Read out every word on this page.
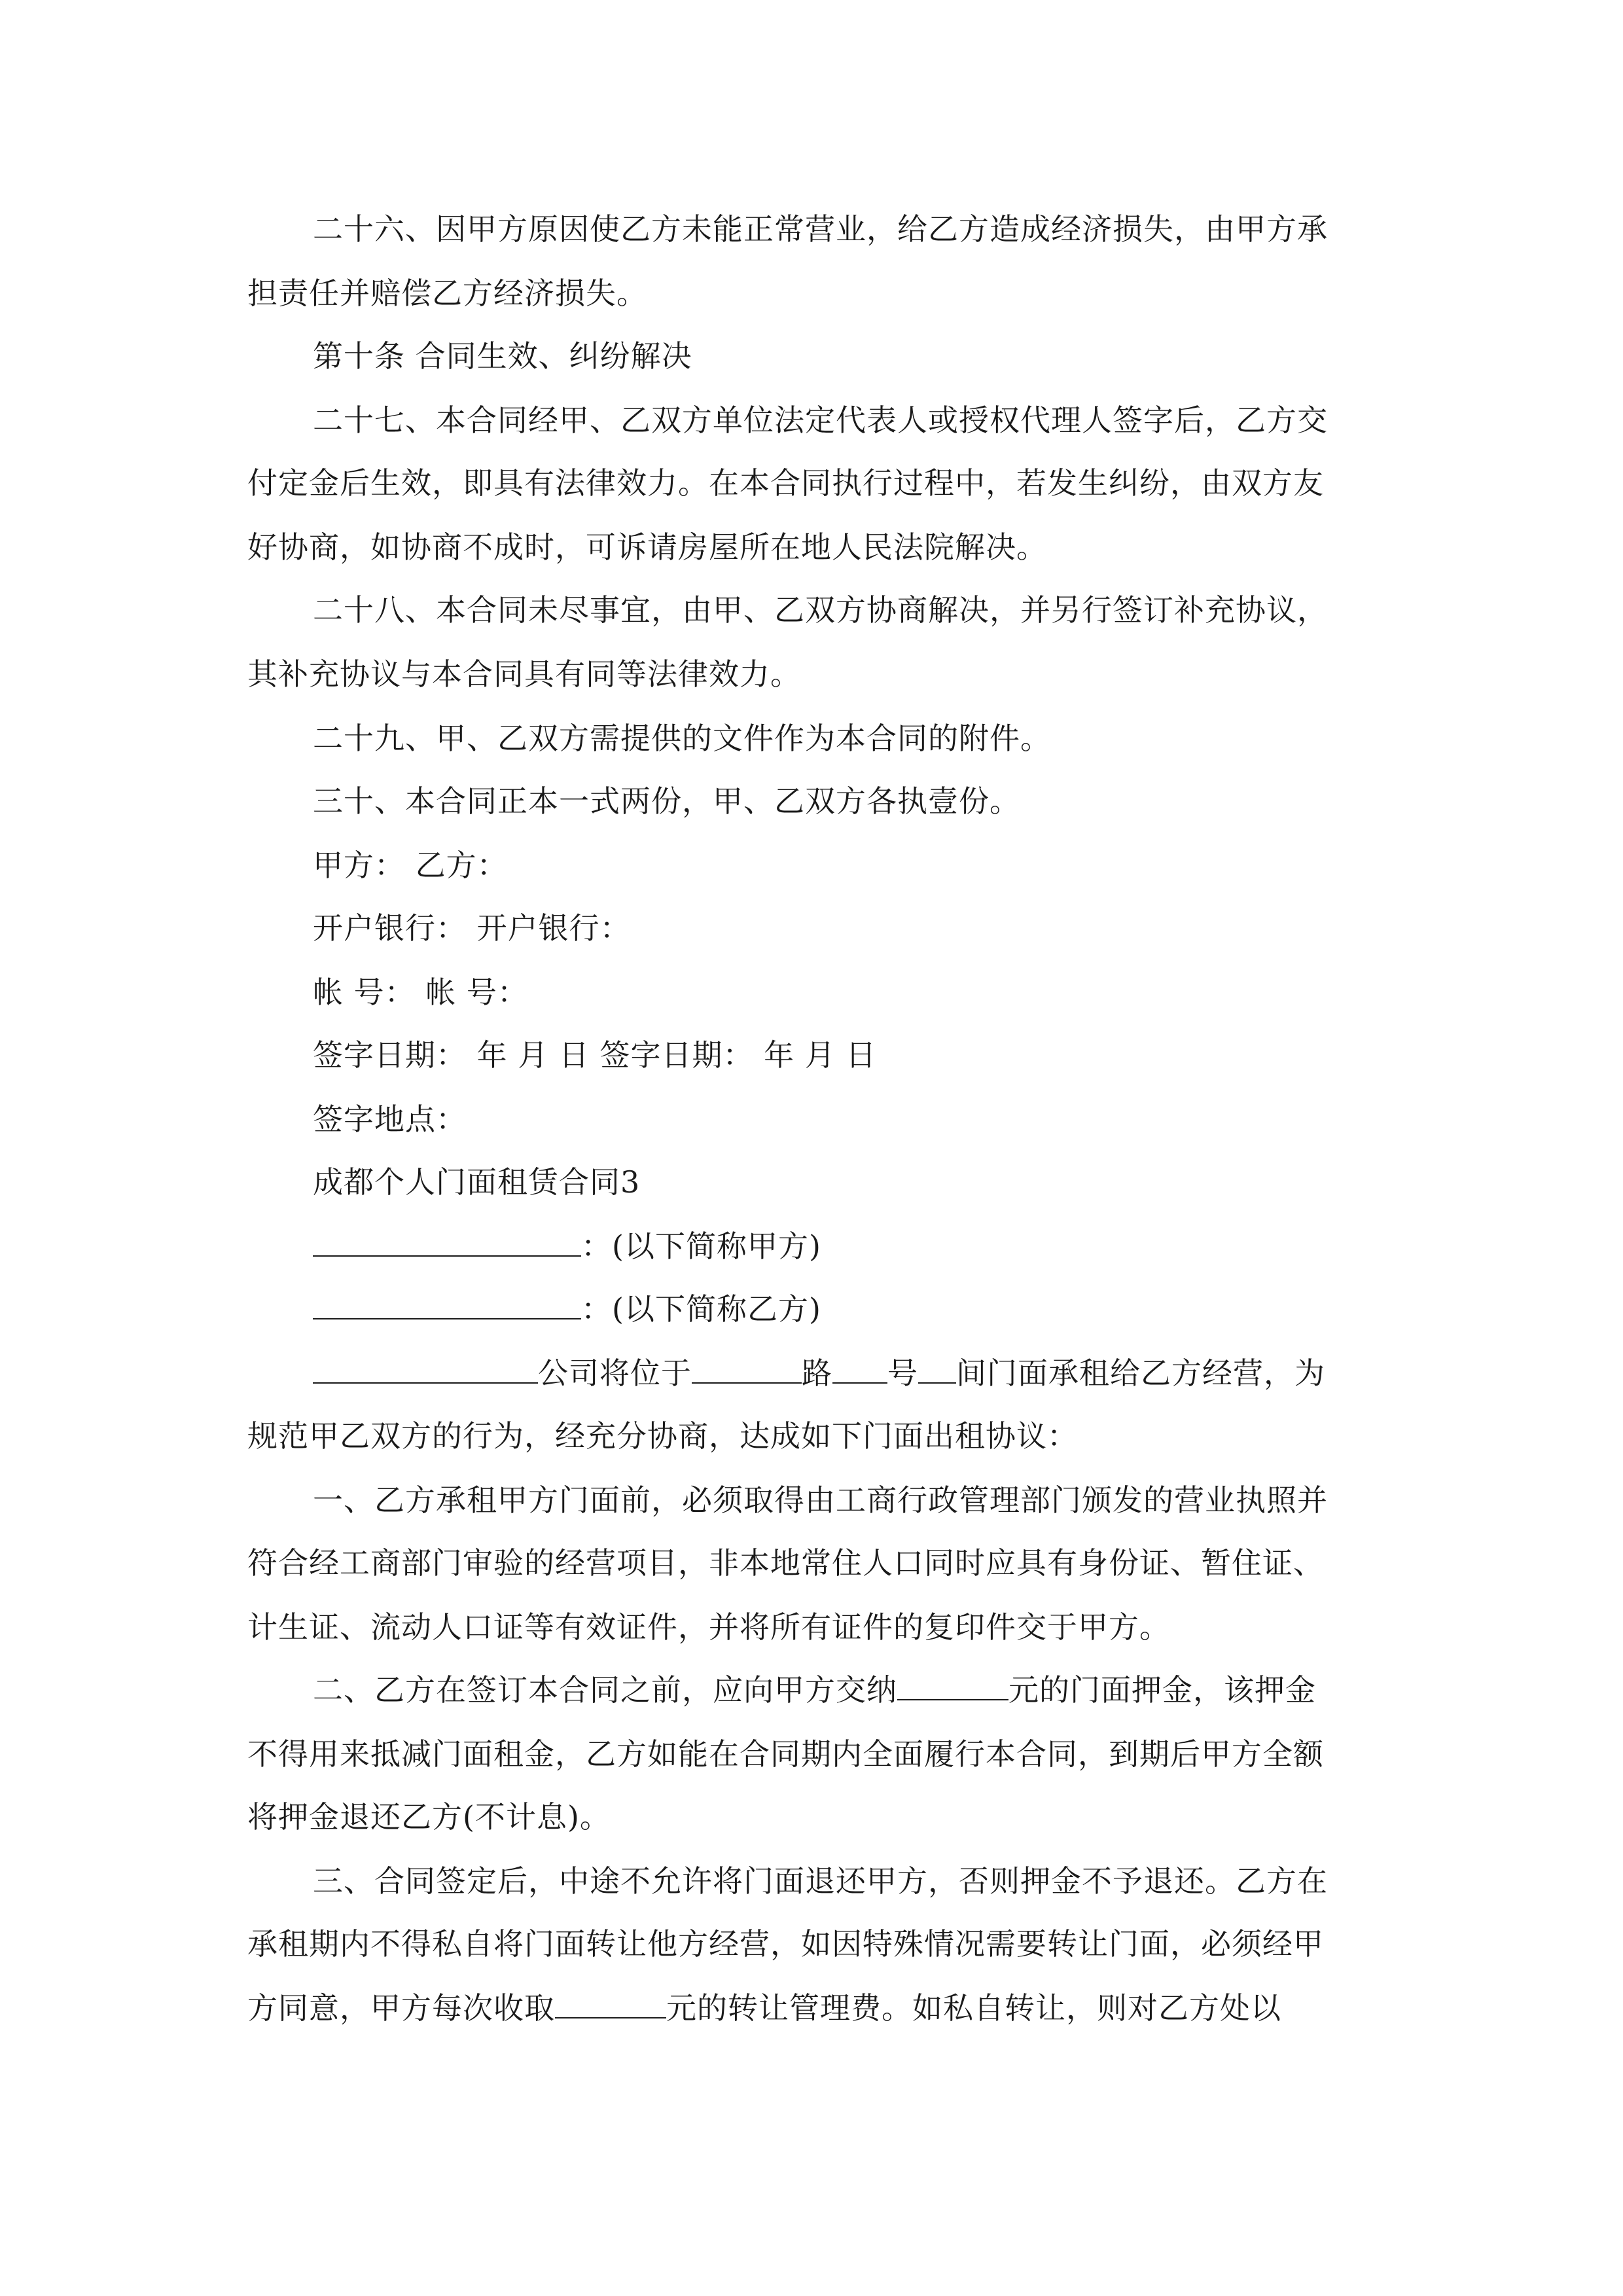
二十六、因甲方原因使乙方未能正常营业，给乙方造成经济损失，由甲方承
担责任并赔偿乙方经济损失。
第十条 合同生效、纠纷解决
二十七、本合同经甲、乙双方单位法定代表人或授权代理人签字后，乙方交
付定金后生效，即具有法律效力。在本合同执行过程中，若发生纠纷，由双方友
好协商，如协商不成时，可诉请房屋所在地人民法院解决。
二十八、本合同未尽事宜，由甲、乙双方协商解决，并另行签订补充协议，
其补充协议与本合同具有同等法律效力。
二十九、甲、乙双方需提供的文件作为本合同的附件。
三十、本合同正本一式两份，甲、乙双方各执壹份。
甲方： 乙方：
开户银行： 开户银行：
帐 号： 帐 号：
签字日期： 年 月 日 签字日期： 年 月 日
签字地点：
成都个人门面租赁合同3
：(以下简称甲方)
：(以下简称乙方)
公司将位于	路 号 间门面承租给乙方经营，为
规范甲乙双方的行为，经充分协商，达成如下门面出租协议：
一、乙方承租甲方门面前，必须取得由工商行政管理部门颁发的营业执照并
符合经工商部门审验的经营项目，非本地常住人口同时应具有身份证、暂住证、
计生证、流动人口证等有效证件，并将所有证件的复印件交于甲方。
二、乙方在签订本合同之前，应向甲方交纳	元的门面押金，该押金
不得用来抵减门面租金，乙方如能在合同期内全面履行本合同，到期后甲方全额
将押金退还乙方(不计息)。
三、合同签定后，中途不允许将门面退还甲方，否则押金不予退还。乙方在
承租期内不得私自将门面转让他方经营，如因特殊情况需要转让门面，必须经甲
方同意，甲方每次收取	元的转让管理费。如私自转让，则对乙方处以
